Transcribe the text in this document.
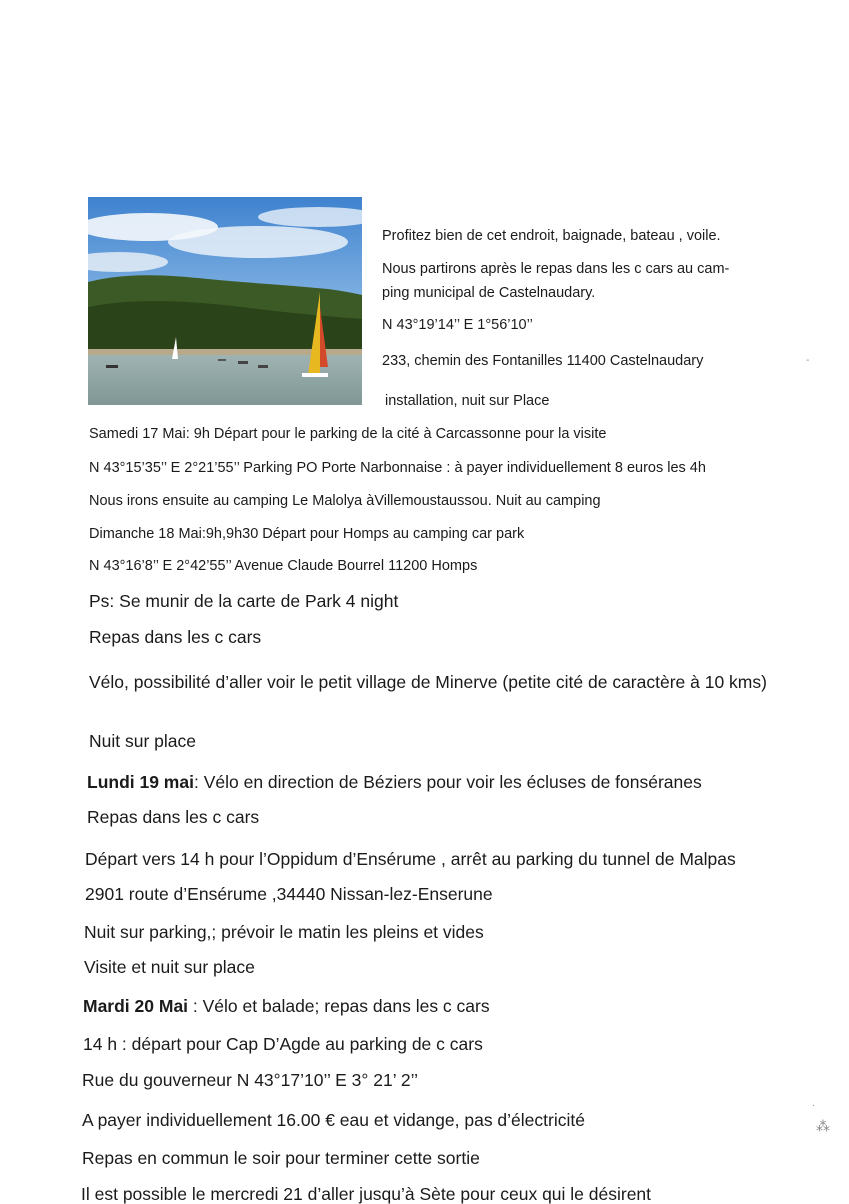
Profitez bien de cet endroit, baignade, bateau , voile.
Nous partirons après le repas dans les c cars au cam-
ping municipal de Castelnaudary.
N 43°19’14’’ E 1°56’10’’
233, chemin des Fontanilles 11400 Castelnaudary
installation, nuit sur Place
Samedi 17 Mai: 9h Départ pour le parking de la cité à Carcassonne pour la visite
N 43°15’35’’ E 2°21’55’’ Parking PO Porte Narbonnaise : à payer individuellement 8 euros les 4h
Nous irons ensuite au camping Le Malolya àVillemoustaussou. Nuit au camping
Dimanche 18 Mai:9h,9h30 Départ pour Homps au camping car park
N 43°16’8’’ E 2°42’55’’ Avenue Claude Bourrel 11200 Homps
Ps: Se munir de la carte de Park 4 night
Repas dans les c cars
Vélo, possibilité d’aller voir le petit village de Minerve (petite cité de caractère à 10 kms)
Nuit sur place
Lundi 19 mai: Vélo en direction de Béziers pour voir les écluses de fonséranes
Repas dans les c cars
Départ vers 14 h pour l’Oppidum d’Ensérume , arrêt au parking du tunnel de Malpas
2901 route d’Ensérume ,34440 Nissan-lez-Enserune
Nuit sur parking,; prévoir le matin les pleins et vides
Visite et nuit sur place
Mardi 20 Mai : Vélo et balade; repas dans les c cars
14 h : départ pour Cap D’Agde au parking de c cars
Rue du gouverneur N 43°17’10’’ E 3° 21’ 2’’
A payer individuellement 16.00 € eau et vidange, pas d’électricité
Repas en commun le soir pour terminer cette sortie
Il est possible le mercredi 21 d’aller jusqu’à Sète pour ceux qui le désirent
·
⁂
-
